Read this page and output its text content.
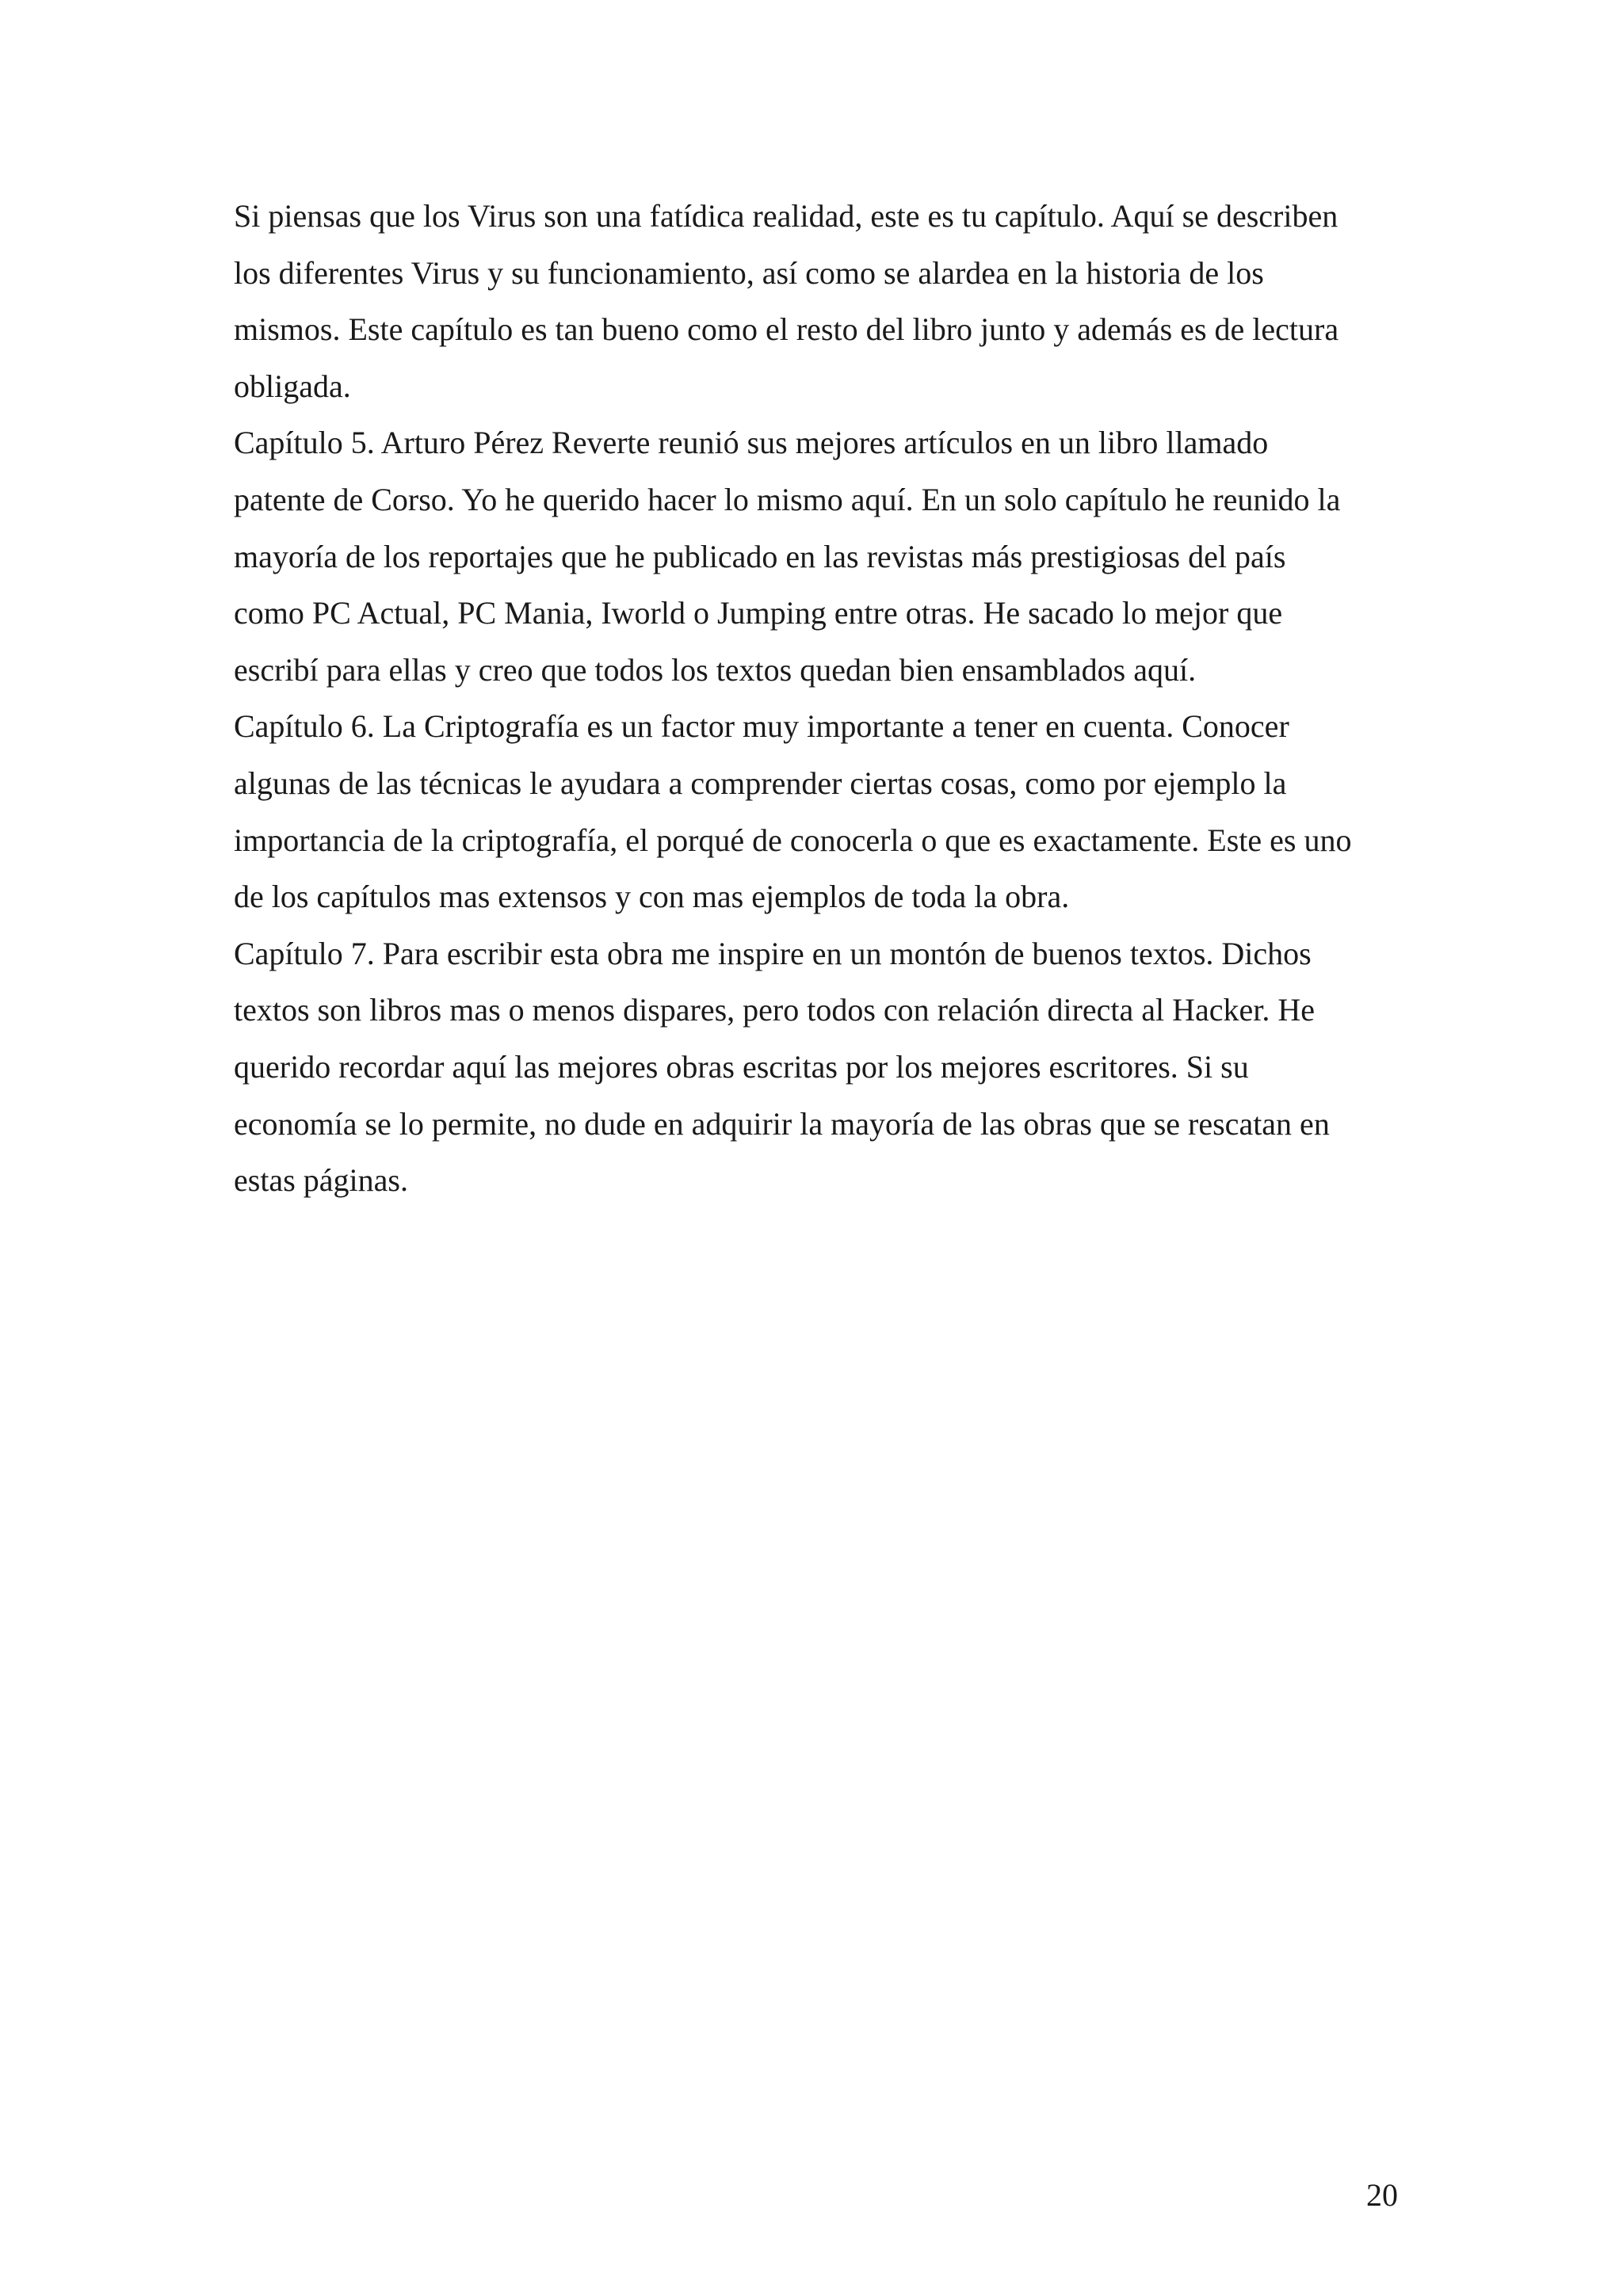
Si piensas que los Virus son una fatídica realidad, este es tu capítulo. Aquí se describen
los diferentes Virus y su funcionamiento, así como se alardea en la historia de los
mismos. Este capítulo es tan bueno como el resto del libro junto y además es de lectura
obligada.
Capítulo 5. Arturo Pérez Reverte reunió sus mejores artículos en un libro llamado
patente de Corso. Yo he querido hacer lo mismo aquí. En un solo capítulo he reunido la
mayoría de los reportajes que he publicado en las revistas más prestigiosas del país
como PC Actual, PC Mania, Iworld o Jumping entre otras. He sacado lo mejor que
escribí para ellas y creo que todos los textos quedan bien ensamblados aquí.
Capítulo 6. La Criptografía es un factor muy importante a tener en cuenta. Conocer
algunas de las técnicas le ayudara a comprender ciertas cosas, como por ejemplo la
importancia de la criptografía, el porqué de conocerla o que es exactamente. Este es uno
de los capítulos mas extensos y con mas ejemplos de toda la obra.
Capítulo 7. Para escribir esta obra me inspire en un montón de buenos textos. Dichos
textos son libros mas o menos dispares, pero todos con relación directa al Hacker. He
querido recordar aquí las mejores obras escritas por los mejores escritores. Si su
economía se lo permite, no dude en adquirir la mayoría de las obras que se rescatan en
estas páginas.
20
